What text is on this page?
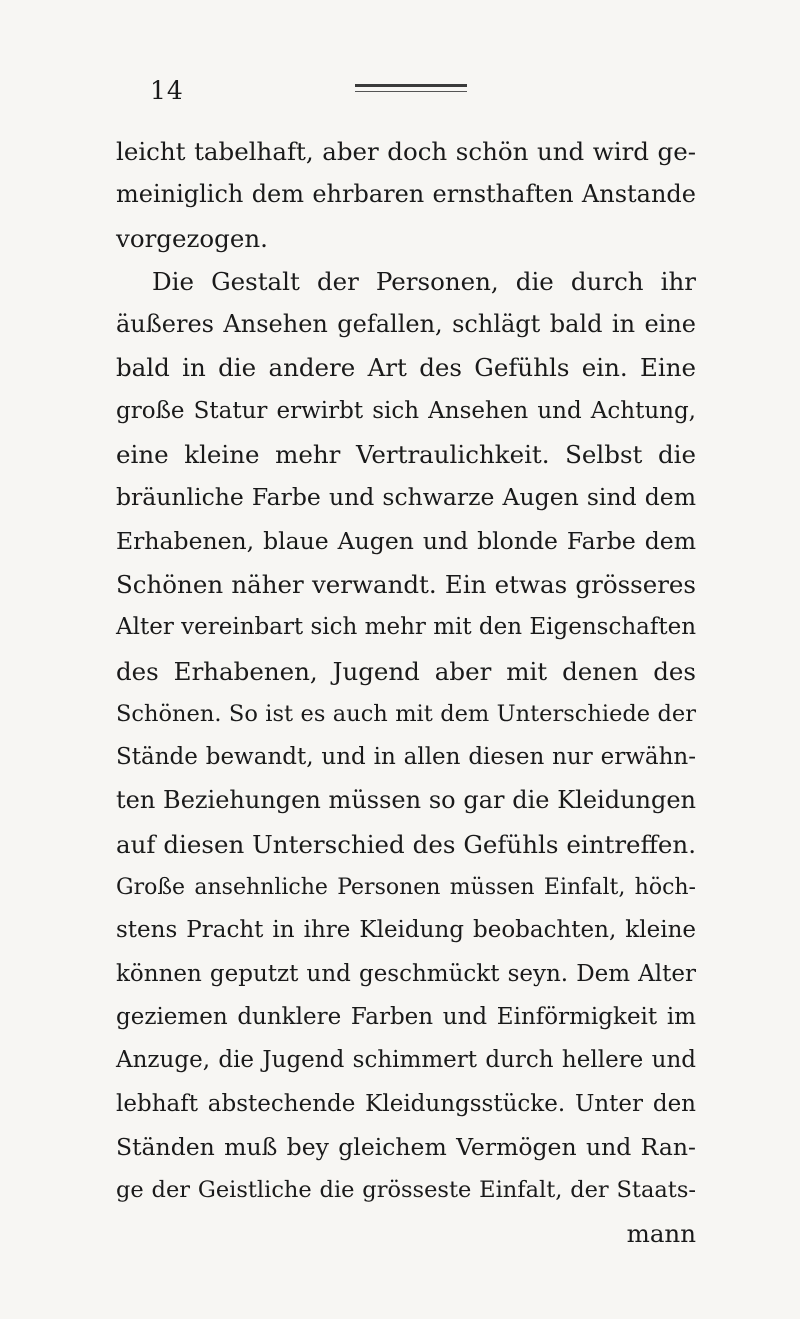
14
leicht tabelhaft, aber doch schön und wird ge-
meiniglich dem ehrbaren ernsthaften Anstande
vorgezogen.
Die Gestalt der Personen, die durch ihr
äußeres Ansehen gefallen, schlägt bald in eine
bald in die andere Art des Gefühls ein. Eine
große Statur erwirbt sich Ansehen und Achtung,
eine kleine mehr Vertraulichkeit. Selbst die
bräunliche Farbe und schwarze Augen sind dem
Erhabenen, blaue Augen und blonde Farbe dem
Schönen näher verwandt. Ein etwas grösseres
Alter vereinbart sich mehr mit den Eigenschaften
des Erhabenen, Jugend aber mit denen des
Schönen. So ist es auch mit dem Unterschiede der
Stände bewandt, und in allen diesen nur erwähn-
ten Beziehungen müssen so gar die Kleidungen
auf diesen Unterschied des Gefühls eintreffen.
Große ansehnliche Personen müssen Einfalt, höch-
stens Pracht in ihre Kleidung beobachten, kleine
können geputzt und geschmückt seyn. Dem Alter
geziemen dunklere Farben und Einförmigkeit im
Anzuge, die Jugend schimmert durch hellere und
lebhaft abstechende Kleidungsstücke. Unter den
Ständen muß bey gleichem Vermögen und Ran-
ge der Geistliche die grösseste Einfalt, der Staats-
mann
